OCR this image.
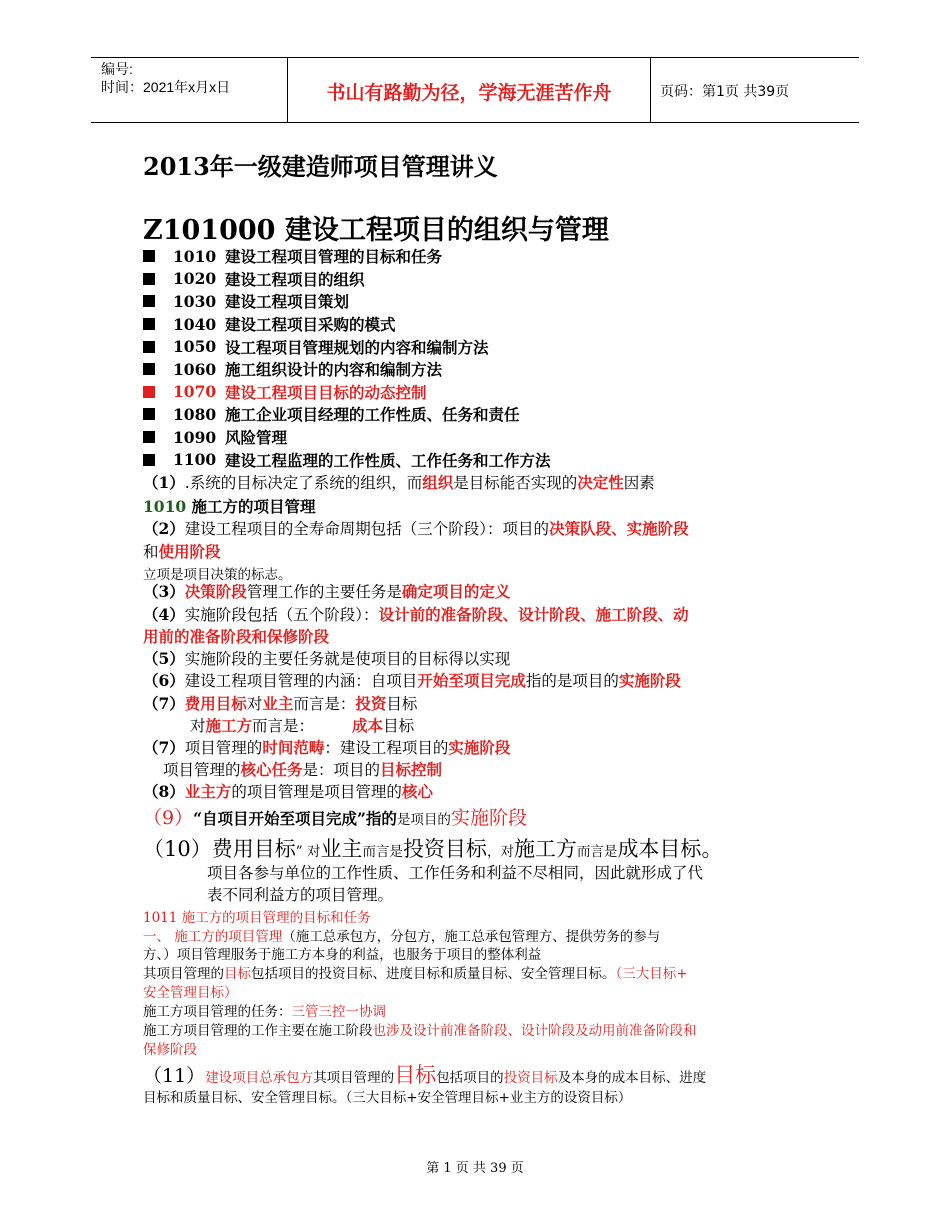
编号:
时间：2021年x月x日	书山有路勤为径，学海无涯苦作舟	页码：第1页 共39页
2013年一级建造师项目管理讲义
Z101000 建设工程项目的组织与管理
1010 建设工程项目管理的目标和任务
1020 建设工程项目的组织
1030 建设工程项目策划
1040 建设工程项目采购的模式
1050 设工程项目管理规划的内容和编制方法
1060 施工组织设计的内容和编制方法
1070 建设工程项目目标的动态控制
1080 施工企业项目经理的工作性质、任务和责任
1090 风险管理
1100 建设工程监理的工作性质、工作任务和工作方法
（1）.系统的目标决定了系统的组织，而组织是目标能否实现的决定性因素
1010 施工方的项目管理
（2）建设工程项目的全寿命周期包括（三个阶段）：项目的决策队段、实施阶段
和使用阶段
立项是项目决策的标志。
（3）决策阶段管理工作的主要任务是确定项目的定义
（4）实施阶段包括（五个阶段）：设计前的准备阶段、设计阶段、施工阶段、动
用前的准备阶段和保修阶段
（5）实施阶段的主要任务就是使项目的目标得以实现
（6）建设工程项目管理的内涵：自项目开始至项目完成指的是项目的实施阶段
（7）费用目标对业主而言是：投资目标
对施工方而言是： 成本目标
（7）项目管理的时间范畴：建设工程项目的实施阶段
项目管理的核心任务是：项目的目标控制
（8）业主方的项目管理是项目管理的核心
（9）“自项目开始至项目完成”指的是项目的实施阶段
（10）费用目标” 对业主而言是投资目标，对施工方而言是成本目标。
项目各参与单位的工作性质、工作任务和利益不尽相同，因此就形成了代
表不同利益方的项目管理。
1011 施工方的项目管理的目标和任务
一、 施工方的项目管理（施工总承包方，分包方，施工总承包管理方、提供劳务的参与
方、）项目管理服务于施工方本身的利益，也服务于项目的整体利益
其项目管理的目标包括项目的投资目标、进度目标和质量目标、安全管理目标。（三大目标+
安全管理目标）
施工方项目管理的任务：三管三控一协调
施工方项目管理的工作主要在施工阶段也涉及设计前准备阶段、设计阶段及动用前准备阶段和
保修阶段
（11）建设项目总承包方其项目管理的目标包括项目的投资目标及本身的成本目标、进度
目标和质量目标、安全管理目标。（三大目标+安全管理目标+业主方的设资目标）
第 1 页 共 39 页
